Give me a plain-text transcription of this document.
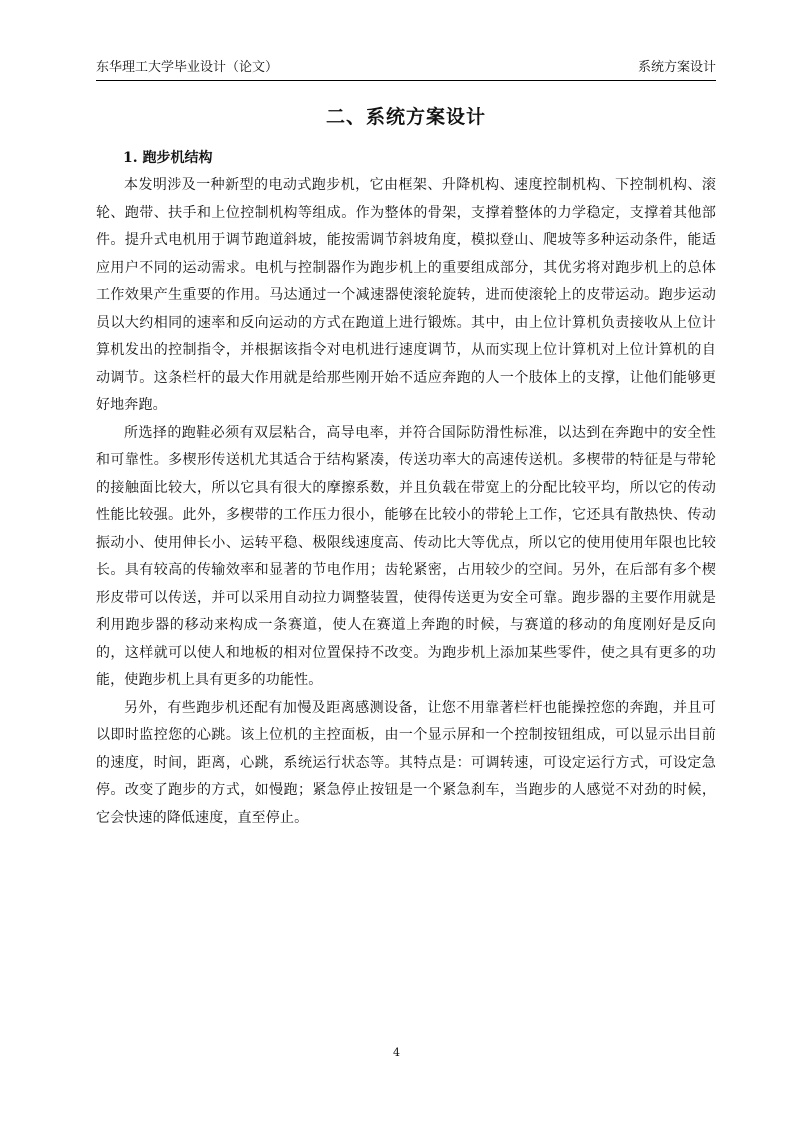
东华理工大学毕业设计（论文）	系统方案设计
二、系统方案设计
1. 跑步机结构

本发明涉及一种新型的电动式跑步机，它由框架、升降机构、速度控制机构、下控制机构、滚轮、跑带、扶手和上位控制机构等组成。作为整体的骨架，支撑着整体的力学稳定，支撑着其他部件。提升式电机用于调节跑道斜坡，能按需调节斜坡角度，模拟登山、爬坡等多种运动条件，能适应用户不同的运动需求。电机与控制器作为跑步机上的重要组成部分，其优劣将对跑步机上的总体工作效果产生重要的作用。马达通过一个减速器使滚轮旋转，进而使滚轮上的皮带运动。跑步运动员以大约相同的速率和反向运动的方式在跑道上进行锻炼。其中，由上位计算机负责接收从上位计算机发出的控制指令，并根据该指令对电机进行速度调节，从而实现上位计算机对上位计算机的自动调节。这条栏杆的最大作用就是给那些刚开始不适应奔跑的人一个肢体上的支撑，让他们能够更好地奔跑。

所选择的跑鞋必须有双层粘合，高导电率，并符合国际防滑性标准，以达到在奔跑中的安全性和可靠性。多楔形传送机尤其适合于结构紧凑，传送功率大的高速传送机。多楔带的特征是与带轮的接触面比较大，所以它具有很大的摩擦系数，并且负载在带宽上的分配比较平均，所以它的传动性能比较强。此外，多楔带的工作压力很小，能够在比较小的带轮上工作，它还具有散热快、传动振动小、使用伸长小、运转平稳、极限线速度高、传动比大等优点，所以它的使用使用年限也比较长。具有较高的传输效率和显著的节电作用；齿轮紧密，占用较少的空间。另外，在后部有多个楔形皮带可以传送，并可以采用自动拉力调整装置，使得传送更为安全可靠。跑步器的主要作用就是利用跑步器的移动来构成一条赛道，使人在赛道上奔跑的时候，与赛道的移动的角度刚好是反向的，这样就可以使人和地板的相对位置保持不改变。为跑步机上添加某些零件，使之具有更多的功能，使跑步机上具有更多的功能性。

另外，有些跑步机还配有加慢及距离感测设备，让您不用靠著栏杆也能操控您的奔跑，并且可以即时监控您的心跳。该上位机的主控面板，由一个显示屏和一个控制按钮组成，可以显示出目前的速度，时间，距离，心跳，系统运行状态等。其特点是：可调转速，可设定运行方式，可设定急停。改变了跑步的方式，如慢跑；紧急停止按钮是一个紧急刹车，当跑步的人感觉不对劲的时候，它会快速的降低速度，直至停止。

4
